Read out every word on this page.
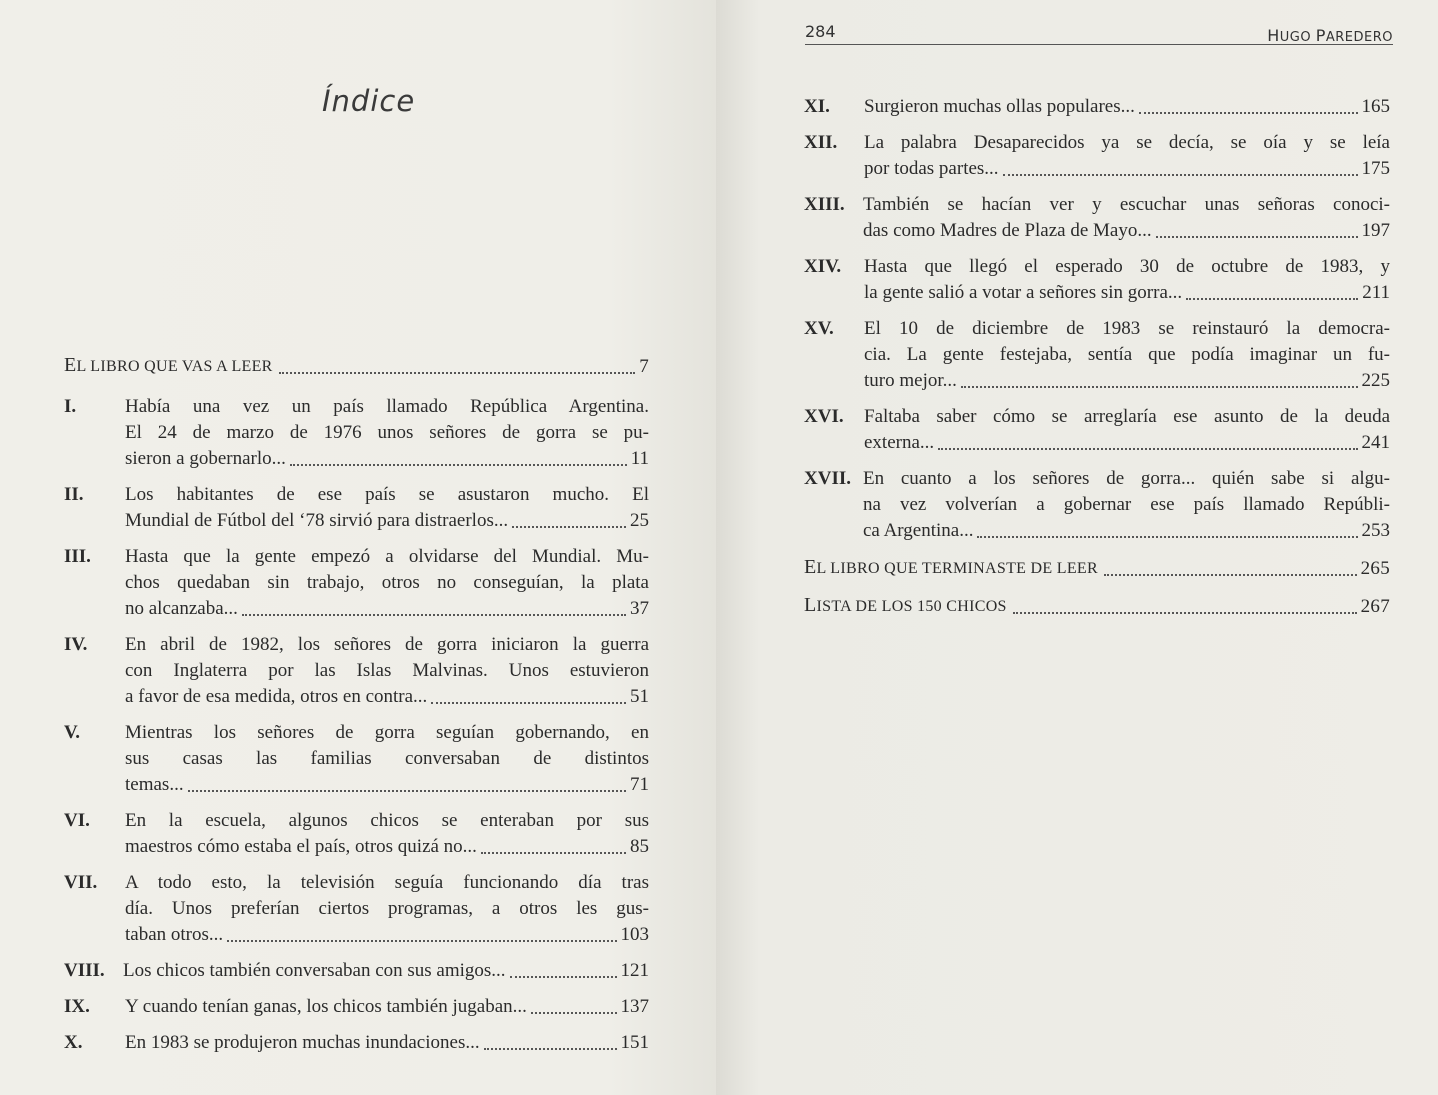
Índice
EL LIBRO QUE VAS A LEER	7
I.	Había una vez un país llamado República Argentina.
El 24 de marzo de 1976 unos señores de gorra se pu-
sieron a gobernarlo...	11
II. Los habitantes de ese país se asustaron mucho. El
Mundial de Fútbol del ‘78 sirvió para distraerlos...	25
III. Hasta que la gente empezó a olvidarse del Mundial. Mu-
chos quedaban sin trabajo, otros no conseguían, la plata
no alcanzaba...	37
IV. En abril de 1982, los señores de gorra iniciaron la guerra
con Inglaterra por las Islas Malvinas. Unos estuvieron
a favor de esa medida, otros en contra...	51
V. Mientras los señores de gorra seguían gobernando, en
sus casas las familias conversaban de distintos
temas...	71
VI. En la escuela, algunos chicos se enteraban por sus
maestros cómo estaba el país, otros quizá no...	85
VII. A todo esto, la televisión seguía funcionando día tras
día. Unos preferían ciertos programas, a otros les gus-
taban otros...	103
VIII. Los chicos también conversaban con sus amigos...	121
IX. Y cuando tenían ganas, los chicos también jugaban...	137
X. En 1983 se produjeron muchas inundaciones...	151
284	HUGO PAREDERO
XI. Surgieron muchas ollas populares...	165
XII. La palabra Desaparecidos ya se decía, se oía y se leía
por todas partes...	175
XIII. También se hacían ver y escuchar unas señoras conoci-
das como Madres de Plaza de Mayo...	197
XIV. Hasta que llegó el esperado 30 de octubre de 1983, y
la gente salió a votar a señores sin gorra...	211
XV. El 10 de diciembre de 1983 se reinstauró la democra-
cia. La gente festejaba, sentía que podía imaginar un fu-
turo mejor...	225
XVI. Faltaba saber cómo se arreglaría ese asunto de la deuda
externa...	241
XVII. En cuanto a los señores de gorra... quién sabe si algu-
na vez volverían a gobernar ese país llamado Repúbli-
ca Argentina...	253
EL LIBRO QUE TERMINASTE DE LEER	265
LISTA DE LOS 150 CHICOS	267
